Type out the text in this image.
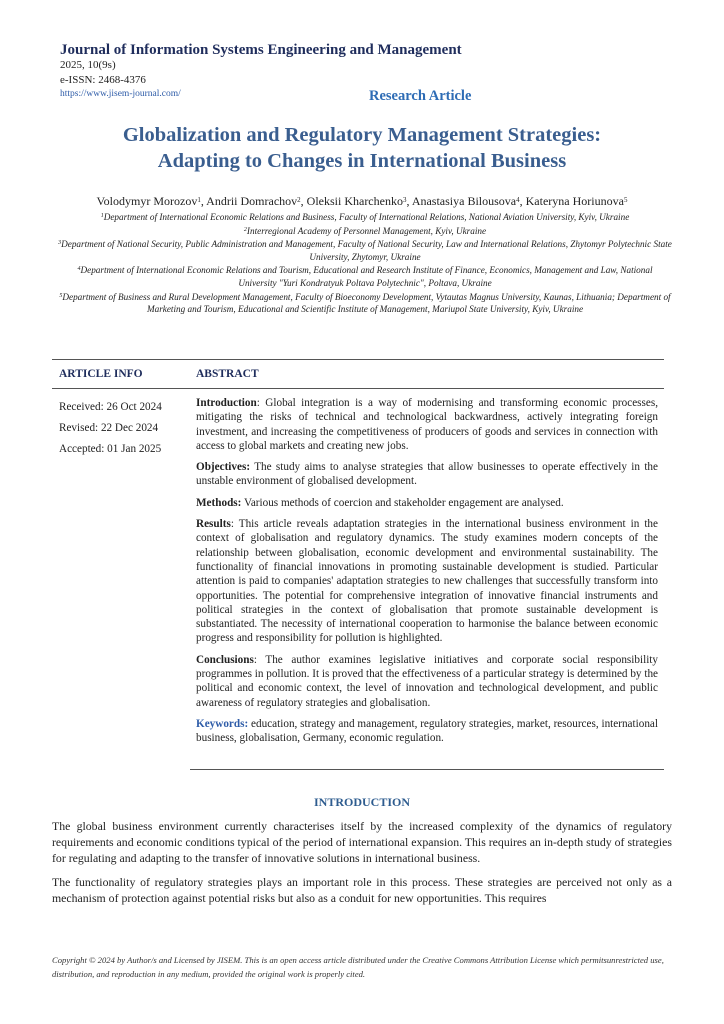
Journal of Information Systems Engineering and Management
2025, 10(9s)
e-ISSN: 2468-4376
https://www.jisem-journal.com/	Research Article
Globalization and Regulatory Management Strategies:
Adapting to Changes in International Business
Volodymyr Morozov$^1$, Andrii Domrachov$^2$, Oleksii Kharchenko$^3$, Anastasiya Bilousova$^4$, Kateryna Horiunova$^5$
$^1$Department of International Economic Relations and Business, Faculty of International Relations, National Aviation University, Kyiv, Ukraine
$^2$Interregional Academy of Personnel Management, Kyiv, Ukraine
$^3$Department of National Security, Public Administration and Management, Faculty of National Security, Law and International Relations, Zhytomyr Polytechnic State University, Zhytomyr, Ukraine
$^4$Department of International Economic Relations and Tourism, Educational and Research Institute of Finance, Economics, Management and Law, National University "Yuri Kondratyuk Poltava Polytechnic", Poltava, Ukraine
$^5$Department of Business and Rural Development Management, Faculty of Bioeconomy Development, Vytautas Magnus University, Kaunas, Lithuania; Department of Marketing and Tourism, Educational and Scientific Institute of Management, Mariupol State University, Kyiv, Ukraine
ARTICLE INFO	ABSTRACT
Received: 26 Oct 2024
Revised: 22 Dec 2024
Accepted: 01 Jan 2025

Introduction: Global integration is a way of modernising and transforming economic processes, mitigating the risks of technical and technological backwardness, actively integrating foreign investment, and increasing the competitiveness of producers of goods and services in connection with access to global markets and creating new jobs.

Objectives: The study aims to analyse strategies that allow businesses to operate effectively in the unstable environment of globalised development.

Methods: Various methods of coercion and stakeholder engagement are analysed.

Results: This article reveals adaptation strategies in the international business environment in the context of globalisation and regulatory dynamics. The study examines modern concepts of the relationship between globalisation, economic development and environmental sustainability. The functionality of financial innovations in promoting sustainable development is studied. Particular attention is paid to companies' adaptation strategies to new challenges that successfully transform into opportunities. The potential for comprehensive integration of innovative financial instruments and political strategies in the context of globalisation that promote sustainable development is substantiated. The necessity of international cooperation to harmonise the balance between economic progress and responsibility for pollution is highlighted.

Conclusions: The author examines legislative initiatives and corporate social responsibility programmes in pollution. It is proved that the effectiveness of a particular strategy is determined by the political and economic context, the level of innovation and technological development, and public awareness of regulatory strategies and globalisation.

Keywords: education, strategy and management, regulatory strategies, market, resources, international business, globalisation, Germany, economic regulation.

INTRODUCTION

The global business environment currently characterises itself by the increased complexity of the dynamics of regulatory requirements and economic conditions typical of the period of international expansion. This requires an in-depth study of strategies for regulating and adapting to the transfer of innovative solutions in international business.

The functionality of regulatory strategies plays an important role in this process. These strategies are perceived not only as a mechanism of protection against potential risks but also as a conduit for new opportunities. This requires

Copyright © 2024 by Author/s and Licensed by JISEM. This is an open access article distributed under the Creative Commons Attribution License which permitsunrestricted use, distribution, and reproduction in any medium, provided the original work is properly cited.
